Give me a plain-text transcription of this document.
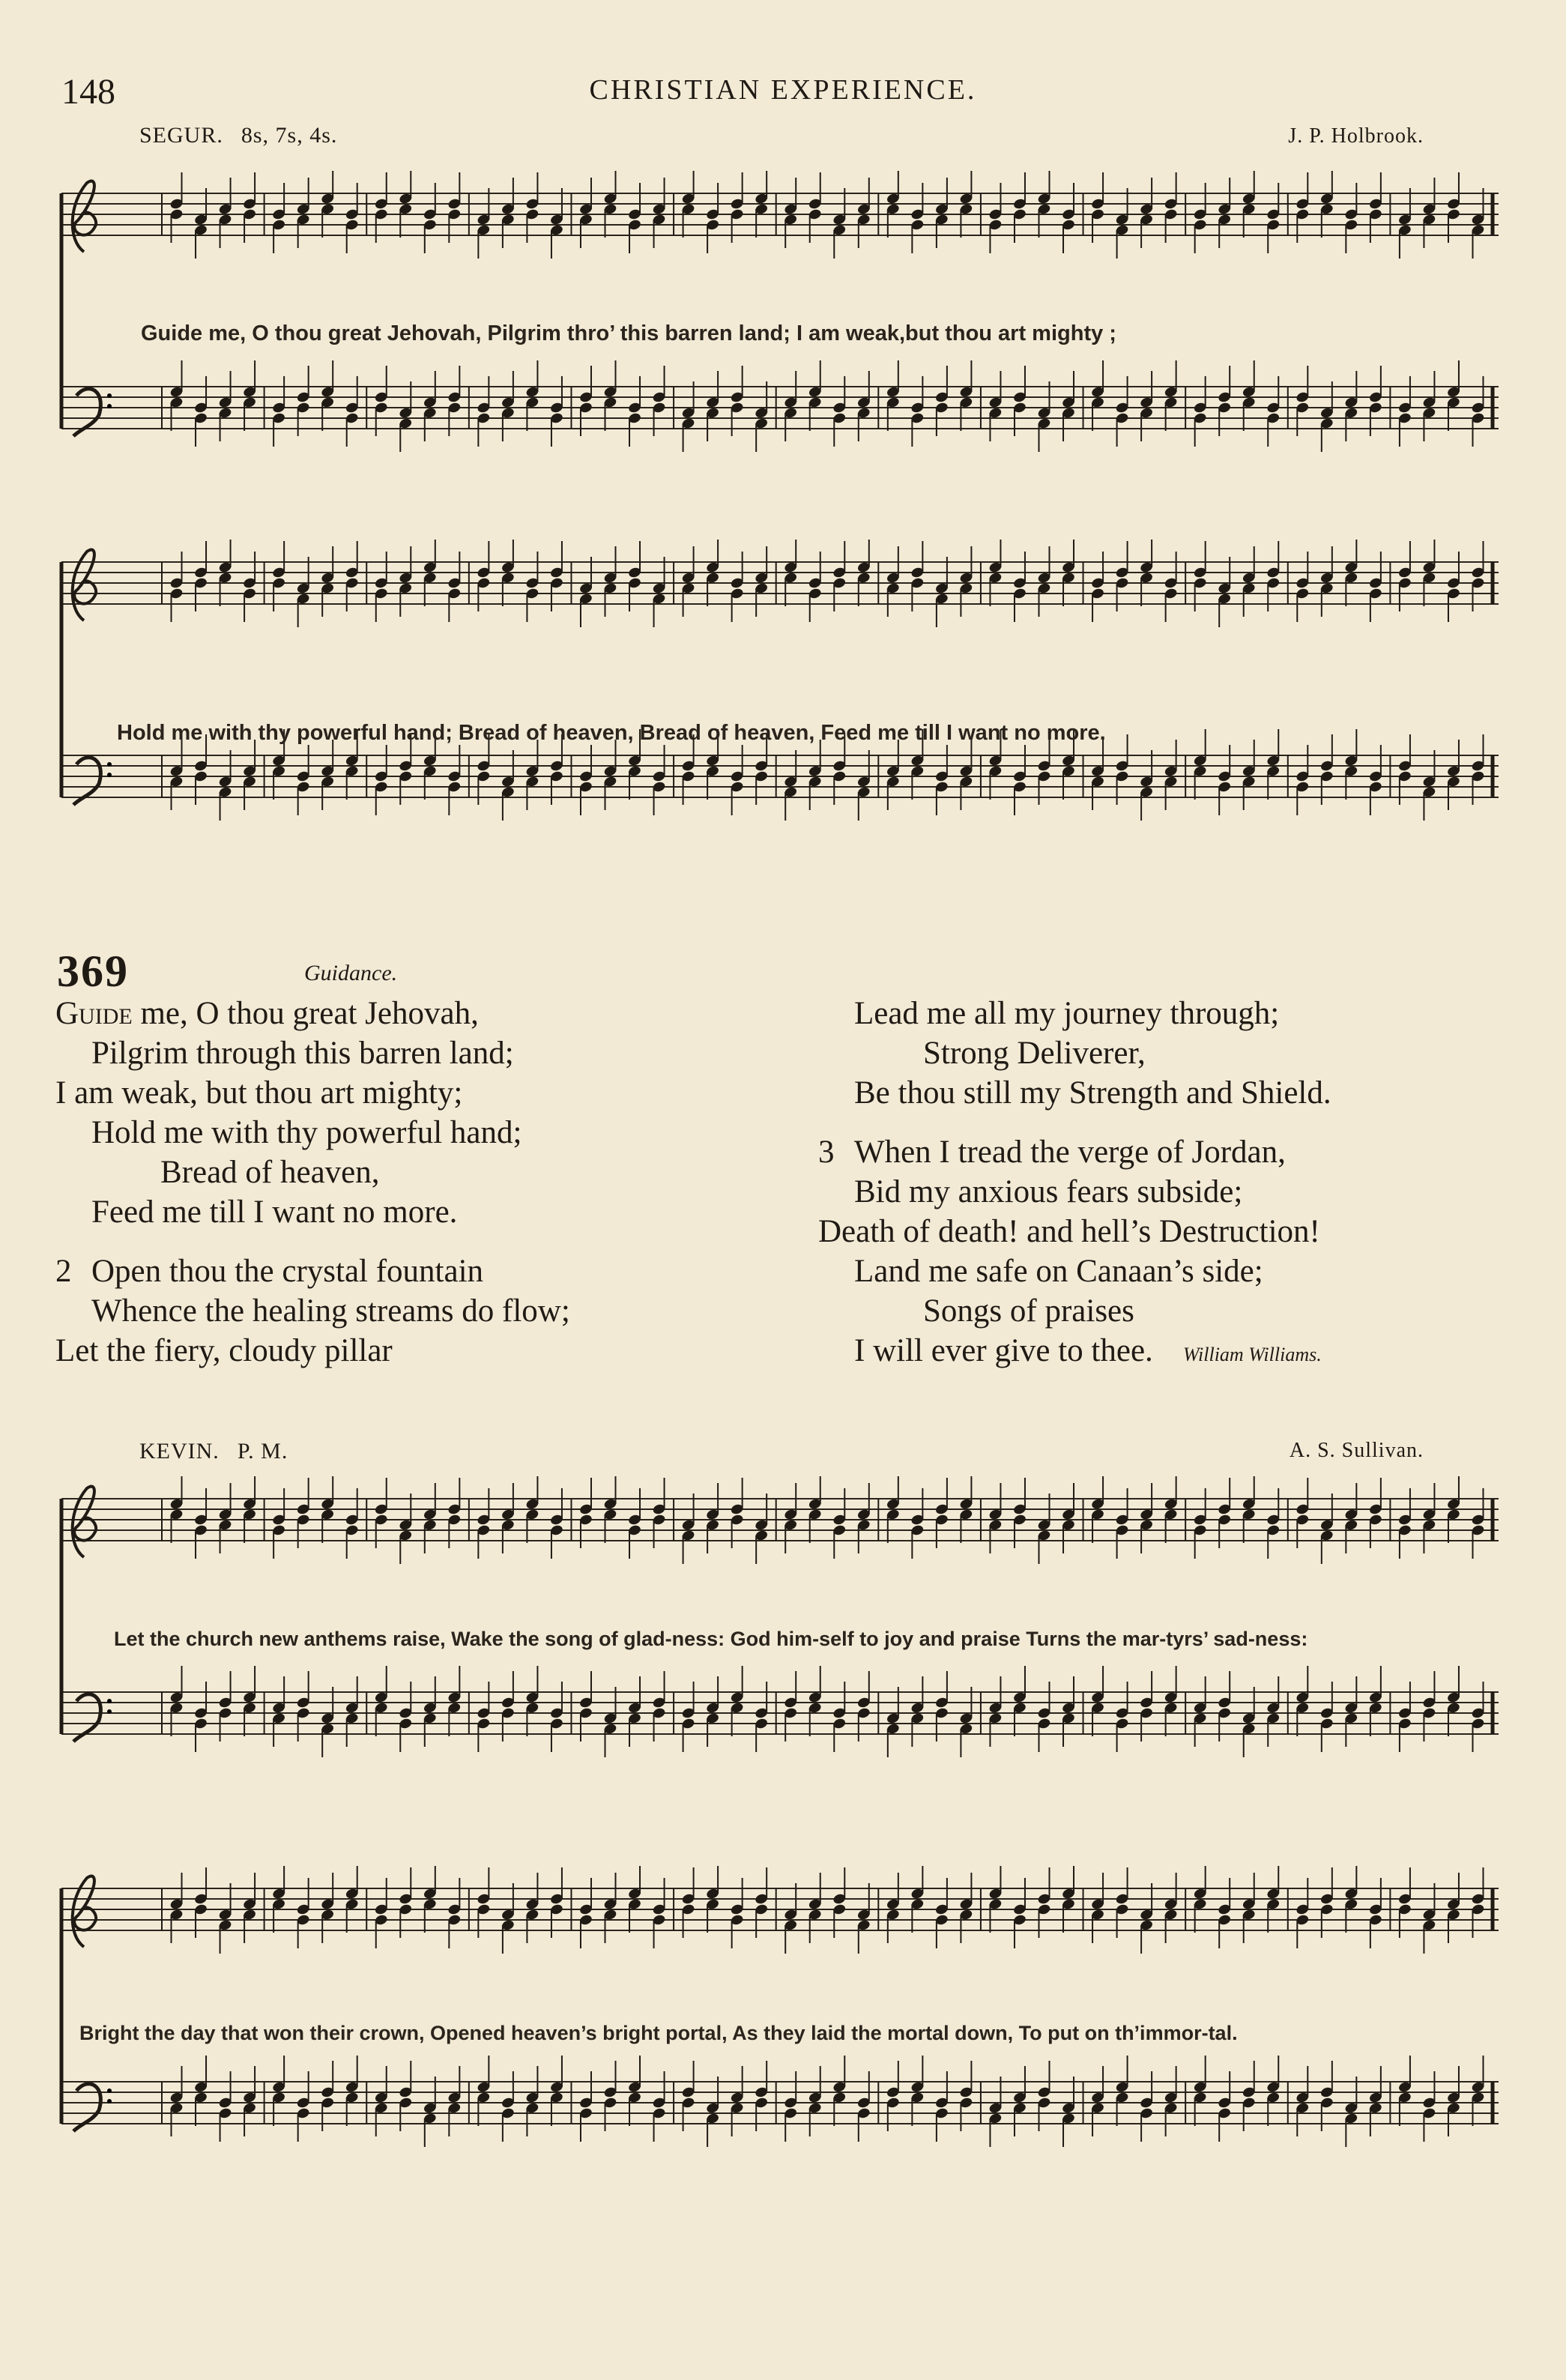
148	CHRISTIAN EXPERIENCE.
SEGUR. 8s, 7s, 4s.	J. P. Holbrook.
Guide me, O thou great Jehovah, Pilgrim thro’ this barren land; I am weak,but thou art mighty ;
Hold me with thy powerful hand; Bread of heaven, Bread of heaven, Feed me till I want no more.
369	Guidance.
Guide me, O thou great Jehovah,
Pilgrim through this barren land;
I am weak, but thou art mighty;
Hold me with thy powerful hand;
Bread of heaven,
Feed me till I want no more.
2 Open thou the crystal fountain
Whence the healing streams do flow;
Let the fiery, cloudy pillar
Lead me all my journey through;
Strong Deliverer,
Be thou still my Strength and Shield.
3 When I tread the verge of Jordan,
Bid my anxious fears subside;
Death of death! and hell’s Destruction!
Land me safe on Canaan’s side;
Songs of praises
I will ever give to thee. William Williams.
KEVIN. P. M.	A. S. Sullivan.
Let the church new anthems raise, Wake the song of glad-ness: God him-self to joy and praise Turns the mar-tyrs’ sad-ness:
Bright the day that won their crown, Opened heaven’s bright portal, As they laid the mortal down, To put on th’immor-tal.
